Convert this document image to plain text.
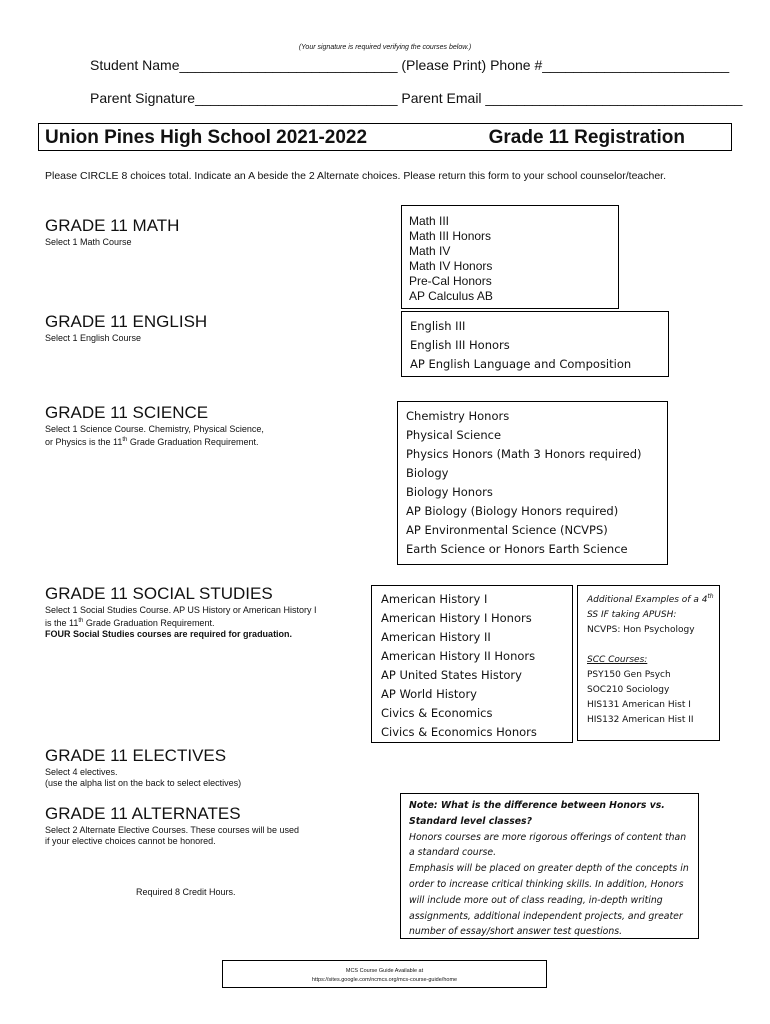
(Your signature is required verifying the courses below.)
Student Name____________________________ (Please Print) Phone #________________________
Parent Signature__________________________ Parent Email _________________________________
Union Pines High School 2021-2022	Grade 11 Registration
Please CIRCLE 8 choices total. Indicate an A beside the 2 Alternate choices. Please return this form to your school counselor/teacher.
GRADE 11 MATH
Select 1 Math Course
Math III
Math III Honors
Math IV
Math IV Honors
Pre-Cal Honors
AP Calculus AB
GRADE 11 ENGLISH
Select 1 English Course
English III
English III Honors
AP English Language and Composition
GRADE 11 SCIENCE
Select 1 Science Course. Chemistry, Physical Science,
or Physics is the 11th Grade Graduation Requirement.
Chemistry Honors
Physical Science
Physics Honors (Math 3 Honors required)
Biology
Biology Honors
AP Biology (Biology Honors required)
AP Environmental Science (NCVPS)
Earth Science or Honors Earth Science
GRADE 11 SOCIAL STUDIES
Select 1 Social Studies Course. AP US History or American History I
is the 11th Grade Graduation Requirement.
FOUR Social Studies courses are required for graduation.
American History I
American History I Honors
American History II
American History II Honors
AP United States History
AP World History
Civics & Economics
Civics & Economics Honors
Additional Examples of a 4th
SS IF taking APUSH:
NCVPS: Hon Psychology
SCC Courses:
PSY150 Gen Psych
SOC210 Sociology
HIS131 American Hist I
HIS132 American Hist II
GRADE 11 ELECTIVES
Select 4 electives.
(use the alpha list on the back to select electives)
GRADE 11 ALTERNATES
Select 2 Alternate Elective Courses. These courses will be used
if your elective choices cannot be honored.
Required 8 Credit Hours.
Note: What is the difference between Honors vs. Standard level classes?
Honors courses are more rigorous offerings of content than a standard course.
Emphasis will be placed on greater depth of the concepts in order to increase critical thinking skills. In addition, Honors will include more out of class reading, in-depth writing assignments, additional independent projects, and greater number of essay/short answer test questions.
MCS Course Guide Available at
https://sites.google.com/ncmcs.org/mcs-course-guide/home
